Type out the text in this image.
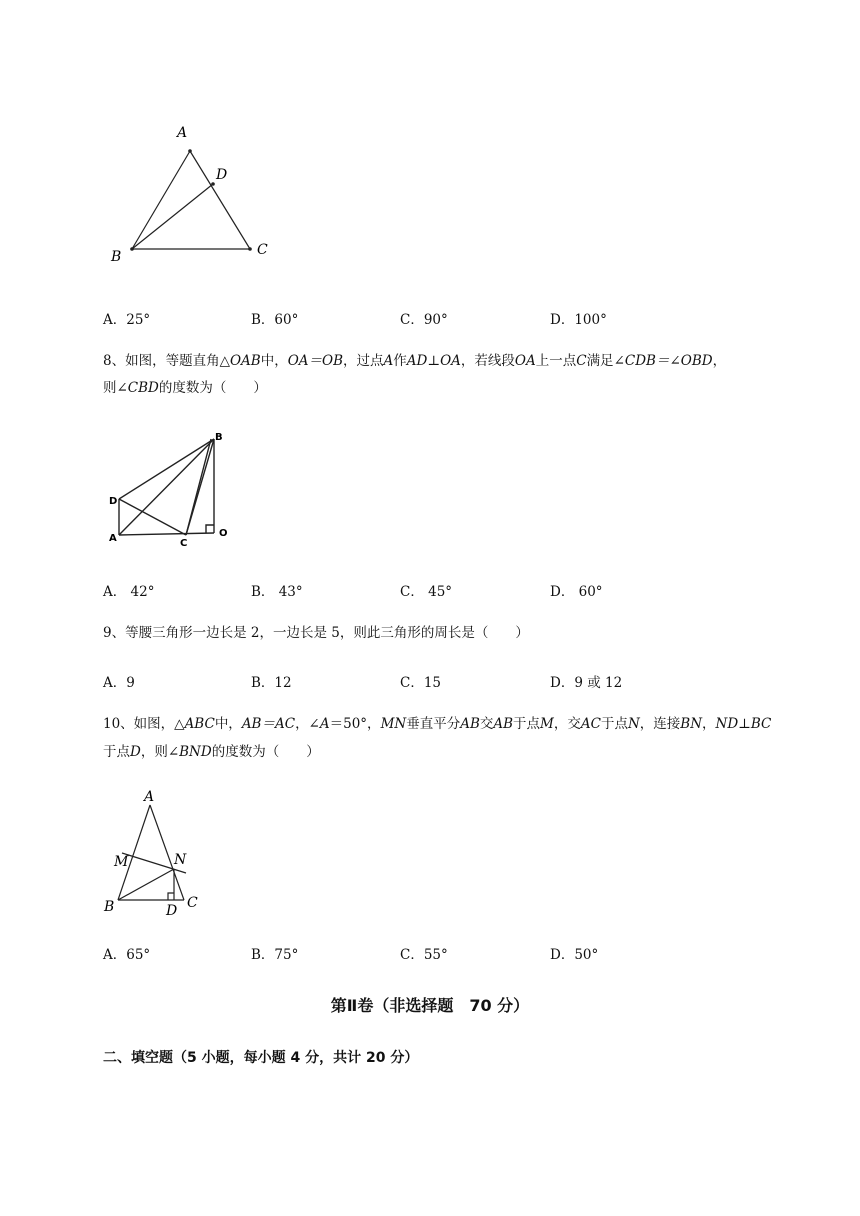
A
D
B	C
A．25°	B．60°	C．90°	D．100°
8、如图，等题直角△OAB中，OA＝OB，过点A作AD⊥OA，若线段OA上一点C满足∠CDB＝∠OBD，
则∠CBD的度数为（　　）
B
D
A	C
O
A． 42°	B． 43°	C． 45°	D． 60°
9、等腰三角形一边长是 2，一边长是 5，则此三角形的周长是（　　）
A．9	B．12	C．15	D．9 或 12
10、如图，△ABC中，AB＝AC，∠A＝50°，MN垂直平分AB交AB于点M，交AC于点N，连接BN，ND⊥BC
于点D，则∠BND的度数为（　　）
A
M	N
B	D C
A．65°	B．75°	C．55°	D．50°
第Ⅱ卷（非选择题　70 分）
二、填空题（5 小题，每小题 4 分，共计 20 分）
